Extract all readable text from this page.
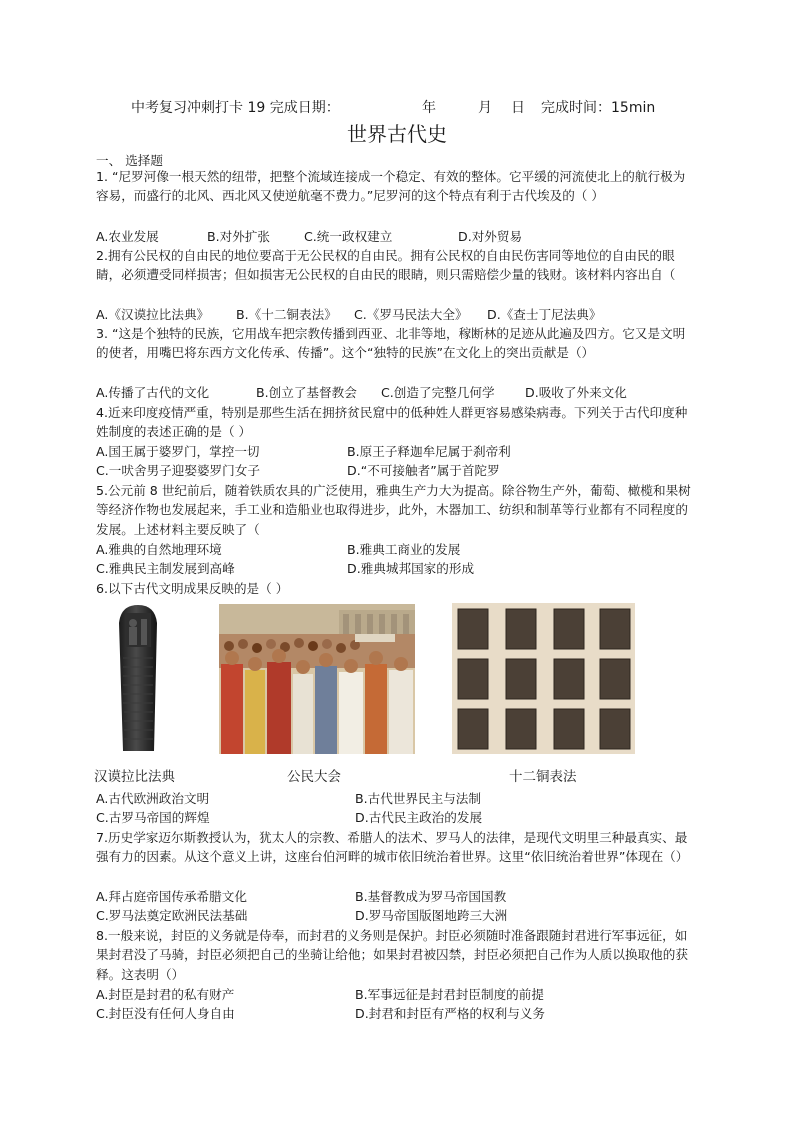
中考复习冲刺打卡 19 完成日期：	年	月 日 完成时间：15min
世界古代史
一、 选择题

1. “尼罗河像一根天然的纽带，把整个流域连接成一个稳定、有效的整体。它平缓的河流使北上的航行极为容易，而盛行的北风、西北风又使逆航毫不费力。”尼罗河的这个特点有利于古代埃及的（ ）

A.农业发展	B.对外扩张	C.统一政权建立	D.对外贸易

2.拥有公民权的自由民的地位要高于无公民权的自由民。拥有公民权的自由民伤害同等地位的自由民的眼睛，必须遭受同样损害；但如损害无公民权的自由民的眼睛，则只需赔偿少量的钱财。该材料内容出自（

A.《汉谟拉比法典》 B.《十二铜表法》 C.《罗马民法大全》 D.《查士丁尼法典》

3. “这是个独特的民族，它用战车把宗教传播到西亚、北非等地，稼断林的足迹从此遍及四方。它又是文明的使者，用嘴巴将东西方文化传承、传播”。这个“独特的民族”在文化上的突出贡献是（）

A.传播了古代的文化	B.创立了基督教会 C.创造了完整几何学 D.吸收了外来文化

4.近来印度疫情严重，特别是那些生活在拥挤贫民窟中的低种姓人群更容易感染病毒。下列关于古代印度种姓制度的表述正确的是（ ）

A.国王属于婆罗门，掌控一切	B.原王子释迦牟尼属于刹帝利
C.一吠舍男子迎娶婆罗门女子	D.“不可接触者”属于首陀罗

5.公元前 8 世纪前后，随着铁质农具的广泛使用，雅典生产力大为提高。除谷物生产外，葡萄、橄榄和果树等经济作物也发展起来，手工业和造船业也取得进步，此外，木器加工、纺织和制革等行业都有不同程度的发展。上述材料主要反映了（

A.雅典的自然地理环境	B.雅典工商业的发展
C.雅典民主制发展到高峰	D.雅典城邦国家的形成

6.以下古代文明成果反映的是（ ）

汉谟拉比法典	公民大会	十二铜表法
A.古代欧洲政治文明	B.古代世界民主与法制
C.古罗马帝国的辉煌	D.古代民主政治的发展

7.历史学家迈尔斯教授认为，犹太人的宗教、希腊人的法术、罗马人的法律，是现代文明里三种最真实、最强有力的因素。从这个意义上讲，这座台伯河畔的城市依旧统治着世界。这里“依旧统治着世界”体现在（）

A.拜占庭帝国传承希腊文化	B.基督教成为罗马帝国国教
C.罗马法奠定欧洲民法基础	D.罗马帝国版图地跨三大洲

8.一般来说，封臣的义务就是侍奉，而封君的义务则是保护。封臣必须随时准备跟随封君进行军事远征，如果封君没了马骑，封臣必须把自己的坐骑让给他；如果封君被囚禁，封臣必须把自己作为人质以换取他的获释。这表明（）

A.封臣是封君的私有财产	B.军事远征是封君封臣制度的前提
C.封臣没有任何人身自由	D.封君和封臣有严格的权利与义务
